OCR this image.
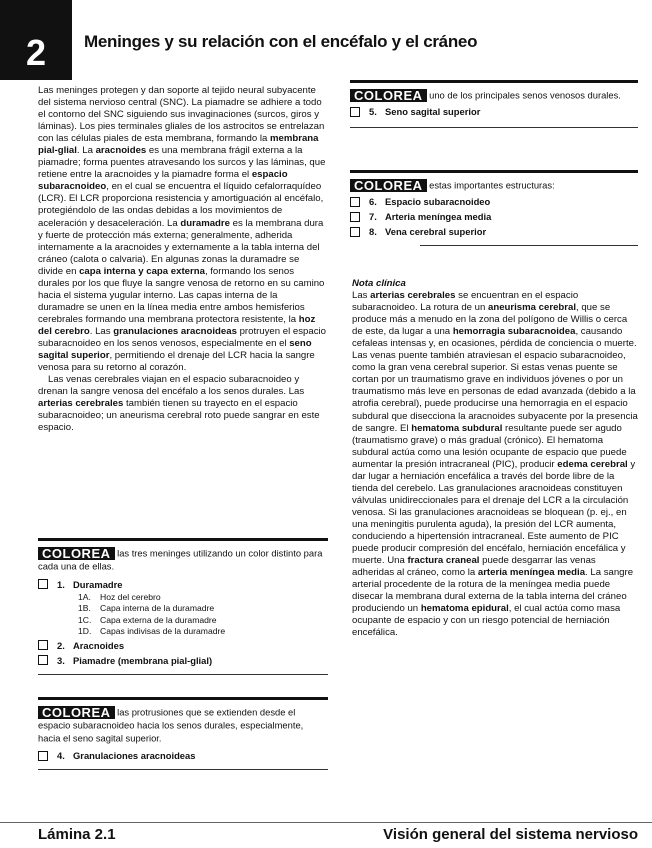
2 Meninges y su relación con el encéfalo y el cráneo

Las meninges protegen y dan soporte al tejido neural subyacente del sistema nervioso central (SNC). La piamadre se adhiere a todo el contorno del SNC siguiendo sus invaginaciones (surcos, giros y láminas). Los pies terminales gliales de los astrocitos se entrelazan con las células piales de esta membrana, formando la membrana pial-glial. La aracnoides es una membrana frágil externa a la piamadre; forma puentes atravesando los surcos y las láminas, que retiene entre la aracnoides y la piamadre forma el espacio subaracnoideo, en el cual se encuentra el líquido cefalorraquídeo (LCR). El LCR proporciona resistencia y amortiguación al encéfalo, protegiéndolo de las ondas debidas a los movimientos de aceleración y desaceleración. La duramadre es la membrana dura y fuerte de protección más externa; generalmente, adherida internamente a la aracnoides y externamente a la tabla interna del cráneo (calota o calvaria). En algunas zonas la duramadre se divide en capa interna y capa externa, formando los senos durales por los que fluye la sangre venosa de retorno en su camino hacia el sistema yugular interno. Las capas interna de la duramadre se unen en la línea media entre ambos hemisferios cerebrales formando una membrana protectora resistente, la hoz del cerebro. Las granulaciones aracnoideas protruyen el espacio subaracnoideo en los senos venosos, especialmente en el seno sagital superior, permitiendo el drenaje del LCR hacia la sangre venosa para su retorno al corazón.

Las venas cerebrales viajan en el espacio subaracnoideo y drenan la sangre venosa del encéfalo a los senos durales. Las arterias cerebrales también tienen su trayecto en el espacio subaracnoideo; un aneurisma cerebral roto puede sangrar en este espacio.

COLOREA las tres meninges utilizando un color distinto para cada una de ellas.
1. Duramadre
1A.	Hoz del cerebro
1B.	Capa interna de la duramadre
1C.	Capa externa de la duramadre
1D.	Capas indivisas de la duramadre
2. Aracnoides
3. Piamadre (membrana pial-glial)
COLOREA las protrusiones que se extienden desde el espacio subaracnoideo hacia los senos durales, especialmente, hacia el seno sagital superior.
4. Granulaciones aracnoideas
COLOREA uno de los principales senos venosos durales.
5. Seno sagital superior
COLOREA estas importantes estructuras:
6. Espacio subaracnoideo
7. Arteria meníngea media
8. Vena cerebral superior
Nota clínica

Las arterias cerebrales se encuentran en el espacio subaracnoideo. La rotura de un aneurisma cerebral, que se produce más a menudo en la zona del polígono de Willis o cerca de este, da lugar a una hemorragia subaracnoidea, causando cefaleas intensas y, en ocasiones, pérdida de conciencia o muerte. Las venas puente también atraviesan el espacio subaracnoideo, como la gran vena cerebral superior. Si estas venas puente se cortan por un traumatismo grave en individuos jóvenes o por un traumatismo más leve en personas de edad avanzada (debido a la atrofia cerebral), puede producirse una hemorragia en el espacio subdural que disecciona la aracnoides subyacente por la presencia de sangre. El hematoma subdural resultante puede ser agudo (traumatismo grave) o más gradual (crónico). El hematoma subdural actúa como una lesión ocupante de espacio que puede aumentar la presión intracraneal (PIC), producir edema cerebral y dar lugar a herniación encefálica a través del borde libre de la tienda del cerebelo. Las granulaciones aracnoideas constituyen válvulas unidireccionales para el drenaje del LCR a la circulación venosa. Si las granulaciones aracnoideas se bloquean (p. ej., en una meningitis purulenta aguda), la presión del LCR aumenta, conduciendo a hipertensión intracraneal. Este aumento de PIC puede producir compresión del encéfalo, herniación encefálica y muerte. Una fractura craneal puede desgarrar las venas adheridas al cráneo, como la arteria meníngea media. La sangre arterial procedente de la rotura de la meníngea media puede disecar la membrana dural externa de la tabla interna del cráneo produciendo un hematoma epidural, el cual actúa como masa ocupante de espacio y con un riesgo potencial de herniación encefálica.

Lámina 2.1	Visión general del sistema nervioso
